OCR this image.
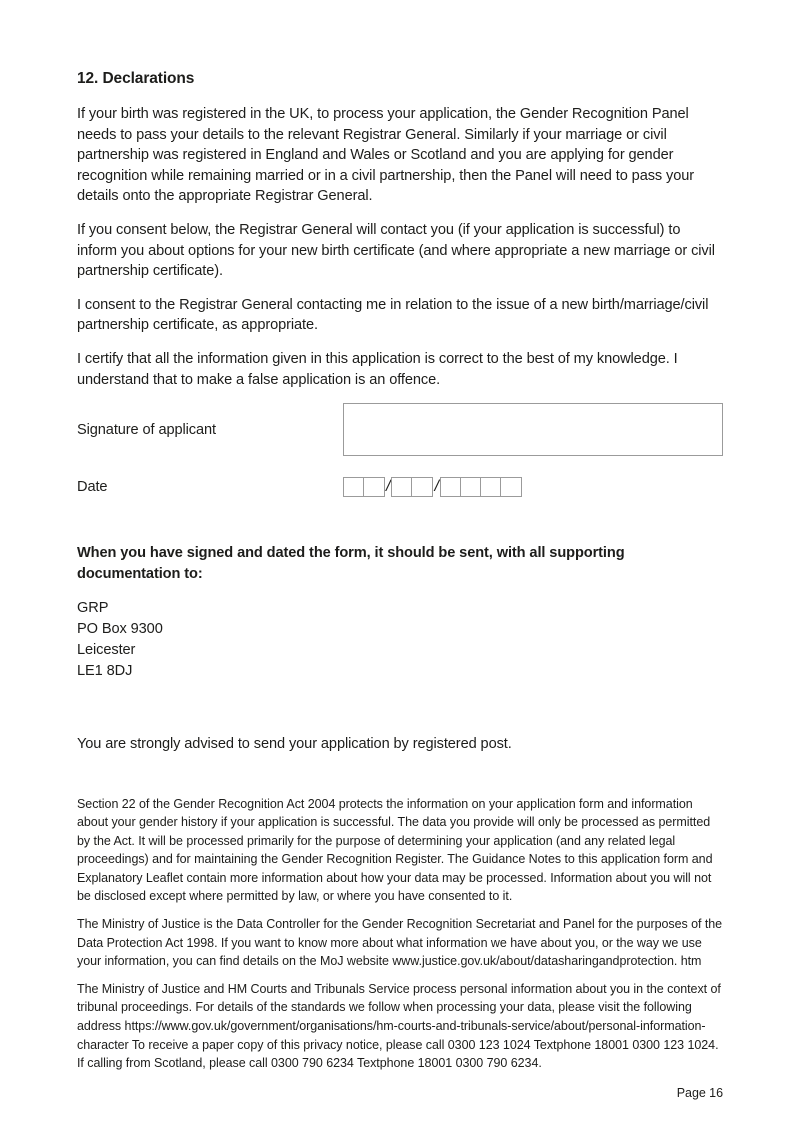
12. Declarations

If your birth was registered in the UK, to process your application, the Gender Recognition Panel needs to pass your details to the relevant Registrar General. Similarly if your marriage or civil partnership was registered in England and Wales or Scotland and you are applying for gender recognition while remaining married or in a civil partnership, then the Panel will need to pass your details onto the appropriate Registrar General.

If you consent below, the Registrar General will contact you (if your application is successful) to inform you about options for your new birth certificate (and where appropriate a new marriage or civil partnership certificate).

I consent to the Registrar General contacting me in relation to the issue of a new birth/marriage/civil partnership certificate, as appropriate.

I certify that all the information given in this application is correct to the best of my knowledge. I understand that to make a false application is an offence.

Signature of applicant
Date	/	/
When you have signed and dated the form, it should be sent, with all supporting documentation to:
GRP
PO Box 9300
Leicester
LE1 8DJ

You are strongly advised to send your application by registered post.

Section 22 of the Gender Recognition Act 2004 protects the information on your application form and information about your gender history if your application is successful. The data you provide will only be processed as permitted by the Act. It will be processed primarily for the purpose of determining your application (and any related legal proceedings) and for maintaining the Gender Recognition Register. The Guidance Notes to this application form and Explanatory Leaflet contain more information about how your data may be processed. Information about you will not be disclosed except where permitted by law, or where you have consented to it.

The Ministry of Justice is the Data Controller for the Gender Recognition Secretariat and Panel for the purposes of the Data Protection Act 1998. If you want to know more about what information we have about you, or the way we use your information, you can find details on the MoJ website www.justice.gov.uk/about/datasharingandprotection. htm

The Ministry of Justice and HM Courts and Tribunals Service process personal information about you in the context of tribunal proceedings. For details of the standards we follow when processing your data, please visit the following address https://www.gov.uk/government/organisations/hm-courts-and-tribunals-service/about/personal-information-character To receive a paper copy of this privacy notice, please call 0300 123 1024 Textphone 18001 0300 123 1024. If calling from Scotland, please call 0300 790 6234 Textphone 18001 0300 790 6234.

Page 16
